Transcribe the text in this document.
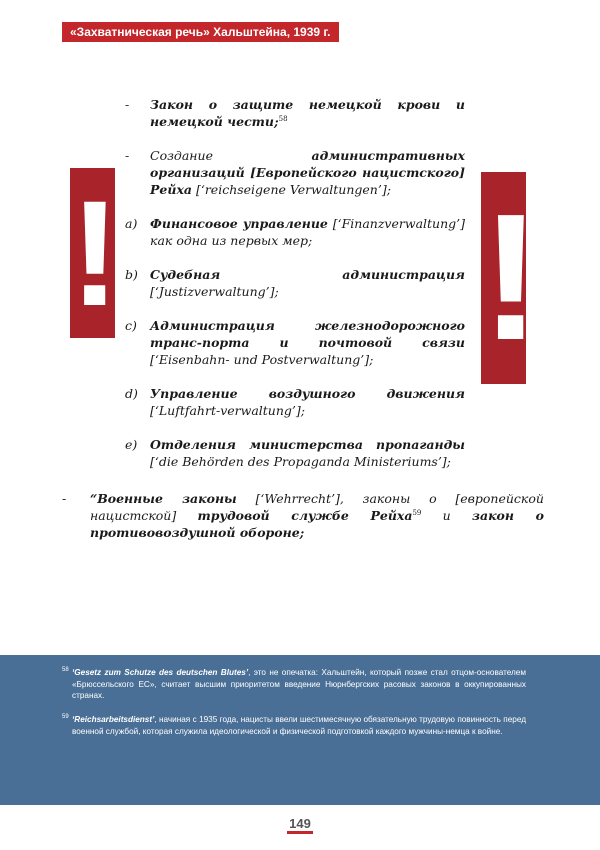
«Захватническая речь» Хальштейна, 1939 г.
! !
- Закон о защите немецкой крови и немецкой чести;$^{58}$
- Создание административных организаций [Европейского нацистского] Рейха [‘reichseigene Verwaltungen’];
a) Финансовое управление [‘Finanzverwaltung’] как одна из первых мер;
b) Судебная администрация [‘Justizverwaltung’];
c) Администрация железнодорожного транс-порта и почтовой связи [‘Eisenbahn- und Postverwaltung’];
d) Управление воздушного движения [‘Luftfahrt-verwaltung’];
e) Отделения министерства пропаганды [‘die Behörden des Propaganda Ministeriums’];
- “Военные законы [‘Wehrrecht’], законы о [европейской нацистской] трудовой службе Рейха$^{59}$ и закон о противовоздушной обороне;
58 ‘Gesetz zum Schutze des deutschen Blutes’, это не опечатка: Хальштейн, который позже стал отцом-основателем «Брюссельского ЕС», считает высшим приоритетом введение Нюрнбергских расовых законов в оккупированных странах.
59 ‘Reichsarbeitsdienst’, начиная с 1935 года, нацисты ввели шестимесячную обязательную трудовую повинность перед военной службой, которая служила идеологической и физической подготовкой каждого мужчины-немца к войне.
149
